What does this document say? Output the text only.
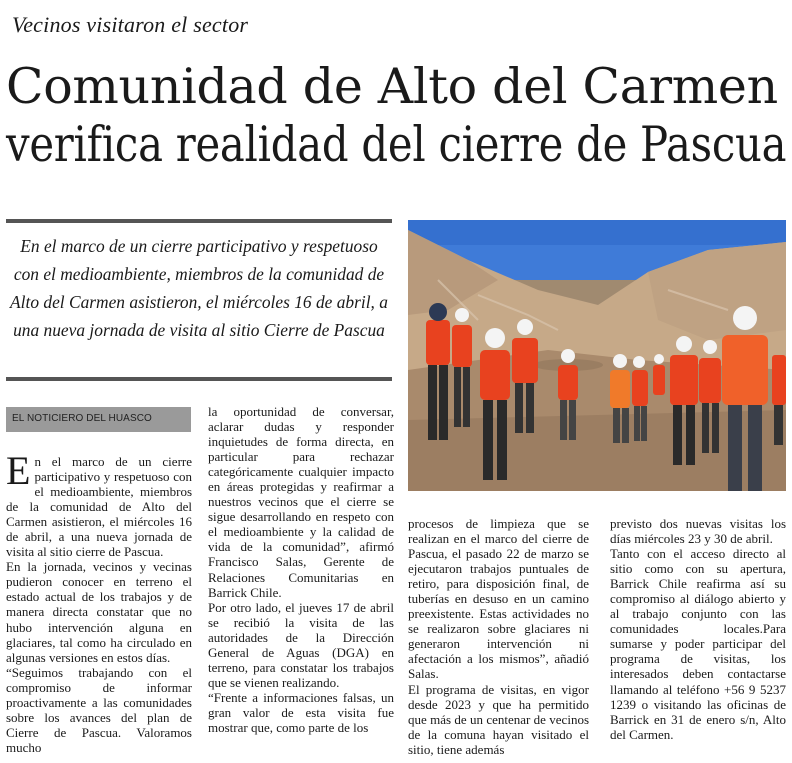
Vecinos visitaron el sector
Comunidad de Alto del Carmen
verifica realidad del cierre de Pascua
En el marco de un cierre participativo y respetuoso con el medioambiente, miembros de la comunidad de Alto del Carmen asistieron, el miércoles 16 de abril, a una nueva jornada de visita al sitio Cierre de Pascua
EL NOTICIERO DEL HUASCO
E n el marco de un cierre participativo y respetuoso con el medioambiente, miembros de la comunidad de Alto del Carmen asistieron, el miércoles 16 de abril, a una nueva jornada de visita al sitio cierre de Pascua.
En la jornada, vecinos y vecinas pudieron conocer en terreno el estado actual de los trabajos y de manera directa constatar que no hubo intervención alguna en glaciares, tal como ha circulado en algunas versiones en estos días.
“Seguimos trabajando con el compromiso de informar proactivamente a las comunidades sobre los avances del plan de Cierre de Pascua. Valoramos mucho
la oportunidad de conversar, aclarar dudas y responder inquietudes de forma directa, en particular para rechazar categóricamente cualquier impacto en áreas protegidas y reafirmar a nuestros vecinos que el cierre se sigue desarrollando en respeto con el medioambiente y la calidad de vida de la comunidad”, afirmó Francisco Salas, Gerente de Relaciones Comunitarias en Barrick Chile.
Por otro lado, el jueves 17 de abril se recibió la visita de las autoridades de la Dirección General de Aguas (DGA) en terreno, para constatar los trabajos que se vienen realizando.
“Frente a informaciones falsas, un gran valor de esta visita fue mostrar que, como parte de los
procesos de limpieza que se realizan en el marco del cierre de Pascua, el pasado 22 de marzo se ejecutaron trabajos puntuales de retiro, para disposición final, de tuberías en desuso en un camino preexistente. Estas actividades no se realizaron sobre glaciares ni generaron intervención ni afectación a los mismos”, añadió Salas.
El programa de visitas, en vigor desde 2023 y que ha permitido que más de un centenar de vecinos de la comuna hayan visitado el sitio, tiene además
previsto dos nuevas visitas los días miércoles 23 y 30 de abril.
Tanto con el acceso directo al sitio como con su apertura, Barrick Chile reafirma así su compromiso al diálogo abierto y al trabajo conjunto con las comunidades locales.Para sumarse y poder participar del programa de visitas, los interesados deben contactarse llamando al teléfono +56 9 5237 1239 o visitando las oficinas de Barrick en 31 de enero s/n, Alto del Carmen.
